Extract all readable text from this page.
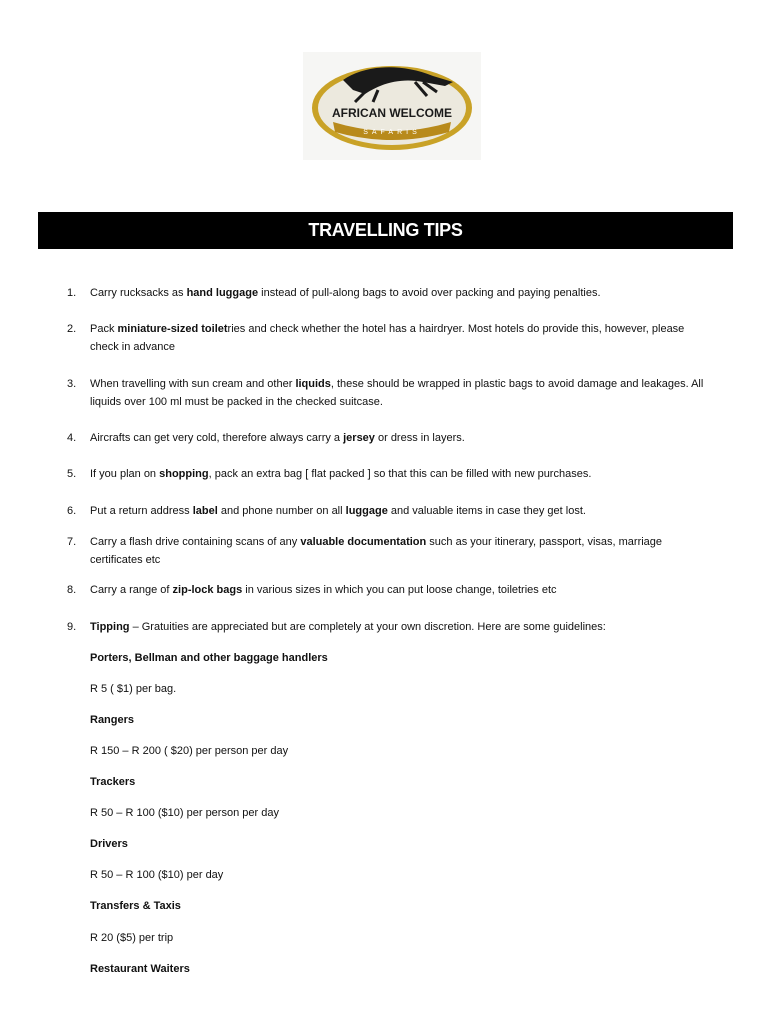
AFRICAN WELCOME
SAFARIS
TRAVELLING TIPS
1.	Carry rucksacks as hand luggage instead of pull-along bags to avoid over packing and paying penalties.
2.	Pack miniature-sized toiletries and check whether the hotel has a hairdryer. Most hotels do provide this, however, please check in advance
3.	When travelling with sun cream and other liquids, these should be wrapped in plastic bags to avoid damage and leakages. All liquids over 100 ml must be packed in the checked suitcase.
4.	Aircrafts can get very cold, therefore always carry a jersey or dress in layers.
5.	If you plan on shopping, pack an extra bag [ flat packed ] so that this can be filled with new purchases.
6.	Put a return address label and phone number on all luggage and valuable items in case they get lost.
7.	Carry a flash drive containing scans of any valuable documentation such as your itinerary, passport, visas, marriage certificates etc
8.	Carry a range of zip-lock bags in various sizes in which you can put loose change, toiletries etc
9.	Tipping – Gratuities are appreciated but are completely at your own discretion. Here are some guidelines:
Porters, Bellman and other baggage handlers
R 5 ( $1) per bag.
Rangers
R 150 – R 200 ( $20) per person per day
Trackers
R 50 – R 100 ($10) per person per day
Drivers
R 50 – R 100 ($10) per day
Transfers & Taxis
R 20 ($5) per trip
Restaurant Waiters
